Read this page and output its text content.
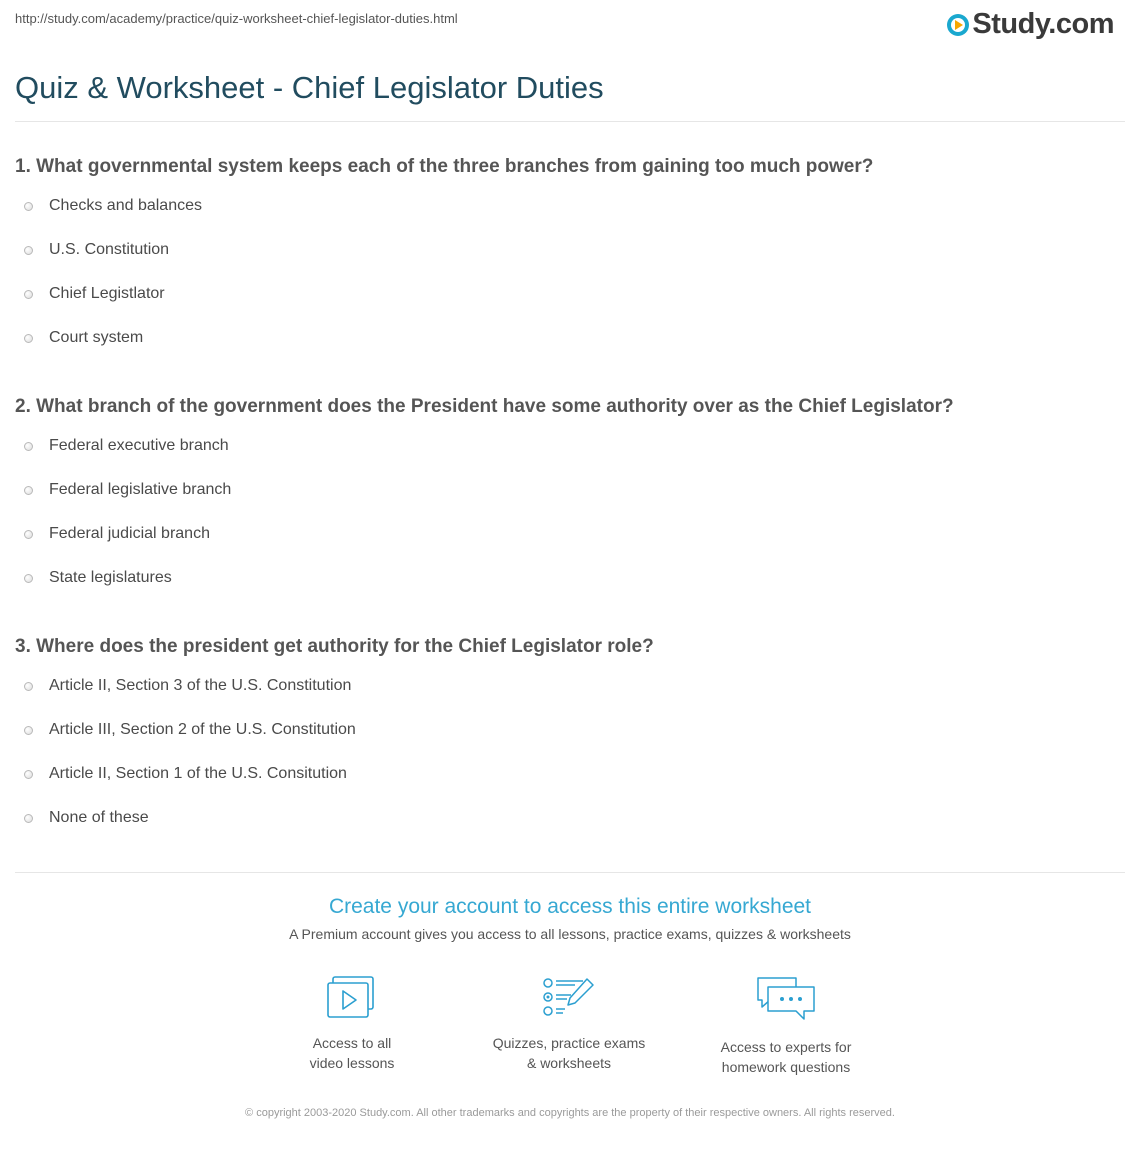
http://study.com/academy/practice/quiz-worksheet-chief-legislator-duties.html	Study.com
Quiz & Worksheet - Chief Legislator Duties
1. What governmental system keeps each of the three branches from gaining too much power?
Checks and balances
U.S. Constitution
Chief Legistlator
Court system
2. What branch of the government does the President have some authority over as the Chief Legislator?
Federal executive branch
Federal legislative branch
Federal judicial branch
State legislatures
3. Where does the president get authority for the Chief Legislator role?
Article II, Section 3 of the U.S. Constitution
Article III, Section 2 of the U.S. Constitution
Article II, Section 1 of the U.S. Consitution
None of these
Create your account to access this entire worksheet
A Premium account gives you access to all lessons, practice exams, quizzes & worksheets
Access to all
video lessons
Quizzes, practice exams
& worksheets
Access to experts for
homework questions
© copyright 2003-2020 Study.com. All other trademarks and copyrights are the property of their respective owners. All rights reserved.
